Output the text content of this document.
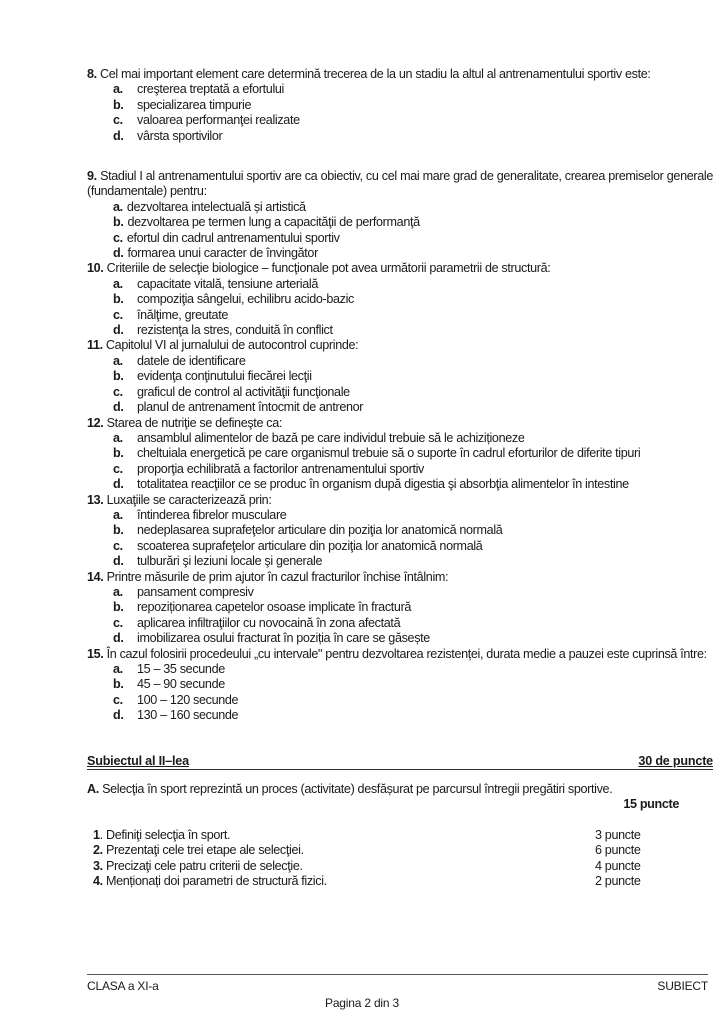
8. Cel mai important element care determină trecerea de la un stadiu la altul al antrenamentului sportiv este:
a.	creşterea treptată a efortului
b.	specializarea timpurie
c.	valoarea performanţei realizate
d.	vârsta sportivilor
9. Stadiul I al antrenamentului sportiv are ca obiectiv, cu cel mai mare grad de generalitate, crearea premiselor generale (fundamentale) pentru:
a. dezvoltarea intelectuală și artistică
b. dezvoltarea pe termen lung a capacităţii de performanţă
c. efortul din cadrul antrenamentului sportiv
d. formarea unui caracter de învingător
10. Criteriile de selecţie biologice – funcţionale pot avea următorii parametrii de structură:
a.	capacitate vitală, tensiune arterială
b.	compoziţia sângelui, echilibru acido-bazic
c.	înălţime, greutate
d.	rezistenţa la stres, conduită în conflict
11. Capitolul VI al jurnalului de autocontrol cuprinde:
a.	datele de identificare
b.	evidenţa conţinutului fiecărei lecţii
c.	graficul de control al activităţii funcţionale
d.	planul de antrenament întocmit de antrenor
12. Starea de nutriţie se defineşte ca:
a.	ansamblul alimentelor de bază pe care individul trebuie să le achiziționeze
b.	cheltuiala energetică pe care organismul trebuie să o suporte în cadrul eforturilor de diferite tipuri
c.	proporţia echilibrată a factorilor antrenamentului sportiv
d.	totalitatea reacţiilor ce se produc în organism după digestia şi absorbţia alimentelor în intestine
13. Luxaţiile se caracterizează prin:
a.	întinderea fibrelor musculare
b.	nedeplasarea suprafeţelor articulare din poziţia lor anatomică normală
c.	scoaterea suprafeţelor articulare din poziţia lor anatomică normală
d.	tulburări şi leziuni locale şi generale
14. Printre măsurile de prim ajutor în cazul fracturilor închise întâlnim:
a.	pansament compresiv
b.	repoziționarea capetelor osoase implicate în fractură
c.	aplicarea infiltraţiilor cu novocaină în zona afectată
d.	imobilizarea osului fracturat în poziția în care se găsește
15. În cazul folosirii procedeului „cu intervale" pentru dezvoltarea rezistenței, durata medie a pauzei este cuprinsă între:
a.	15 – 35 secunde
b.	45 – 90 secunde
c.	100 – 120 secunde
d.	130 – 160 secunde
Subiectul al II–lea	30 de puncte
A. Selecţia în sport reprezintă un proces (activitate) desfășurat pe parcursul întregii pregătiri sportive.
15 puncte
1. Definiţi selecţia în sport.	3 puncte
2. Prezentaţi cele trei etape ale selecţiei.	6 puncte
3. Precizaţi cele patru criterii de selecţie.	4 puncte
4. Menționați doi parametri de structură fizici.	2 puncte
CLASA a XI-a	SUBIECT
Pagina 2 din 3
